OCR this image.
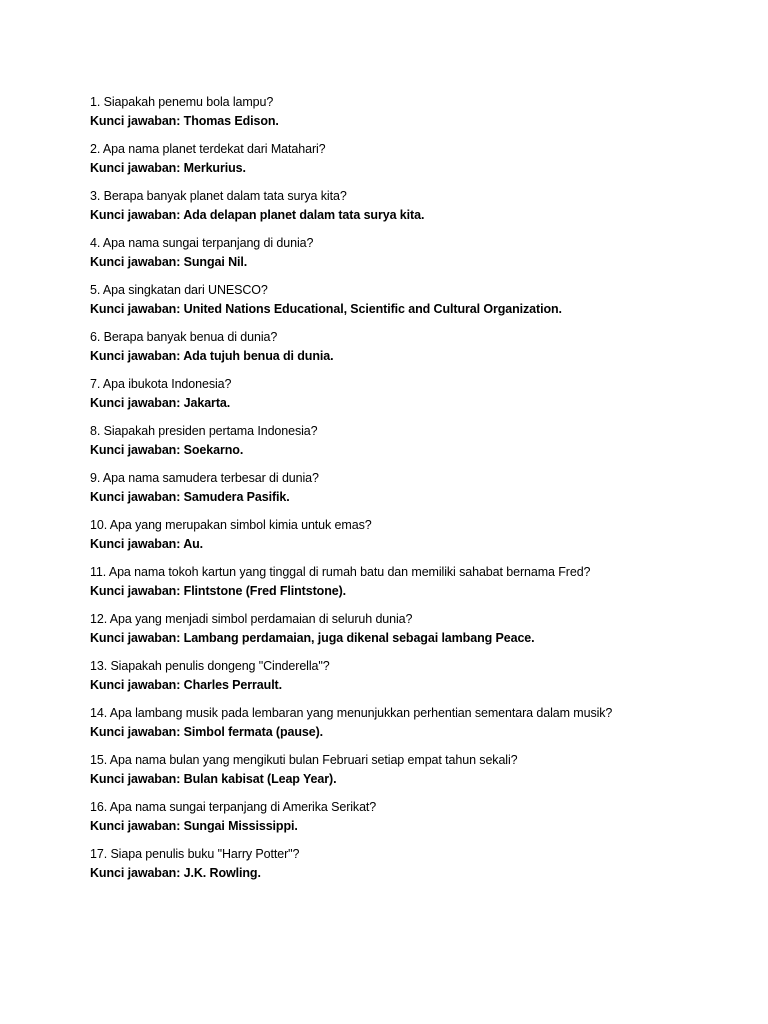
1. Siapakah penemu bola lampu?
Kunci jawaban: Thomas Edison.
2. Apa nama planet terdekat dari Matahari?
Kunci jawaban: Merkurius.
3. Berapa banyak planet dalam tata surya kita?
Kunci jawaban: Ada delapan planet dalam tata surya kita.
4. Apa nama sungai terpanjang di dunia?
Kunci jawaban: Sungai Nil.
5. Apa singkatan dari UNESCO?
Kunci jawaban: United Nations Educational, Scientific and Cultural Organization.
6. Berapa banyak benua di dunia?
Kunci jawaban: Ada tujuh benua di dunia.
7. Apa ibukota Indonesia?
Kunci jawaban: Jakarta.
8. Siapakah presiden pertama Indonesia?
Kunci jawaban: Soekarno.
9. Apa nama samudera terbesar di dunia?
Kunci jawaban: Samudera Pasifik.
10. Apa yang merupakan simbol kimia untuk emas?
Kunci jawaban: Au.
11. Apa nama tokoh kartun yang tinggal di rumah batu dan memiliki sahabat bernama Fred?
Kunci jawaban: Flintstone (Fred Flintstone).
12. Apa yang menjadi simbol perdamaian di seluruh dunia?
Kunci jawaban: Lambang perdamaian, juga dikenal sebagai lambang Peace.
13. Siapakah penulis dongeng "Cinderella"?
Kunci jawaban: Charles Perrault.
14. Apa lambang musik pada lembaran yang menunjukkan perhentian sementara dalam musik?
Kunci jawaban: Simbol fermata (pause).
15. Apa nama bulan yang mengikuti bulan Februari setiap empat tahun sekali?
Kunci jawaban: Bulan kabisat (Leap Year).
16. Apa nama sungai terpanjang di Amerika Serikat?
Kunci jawaban: Sungai Mississippi.
17. Siapa penulis buku "Harry Potter"?
Kunci jawaban: J.K. Rowling.
